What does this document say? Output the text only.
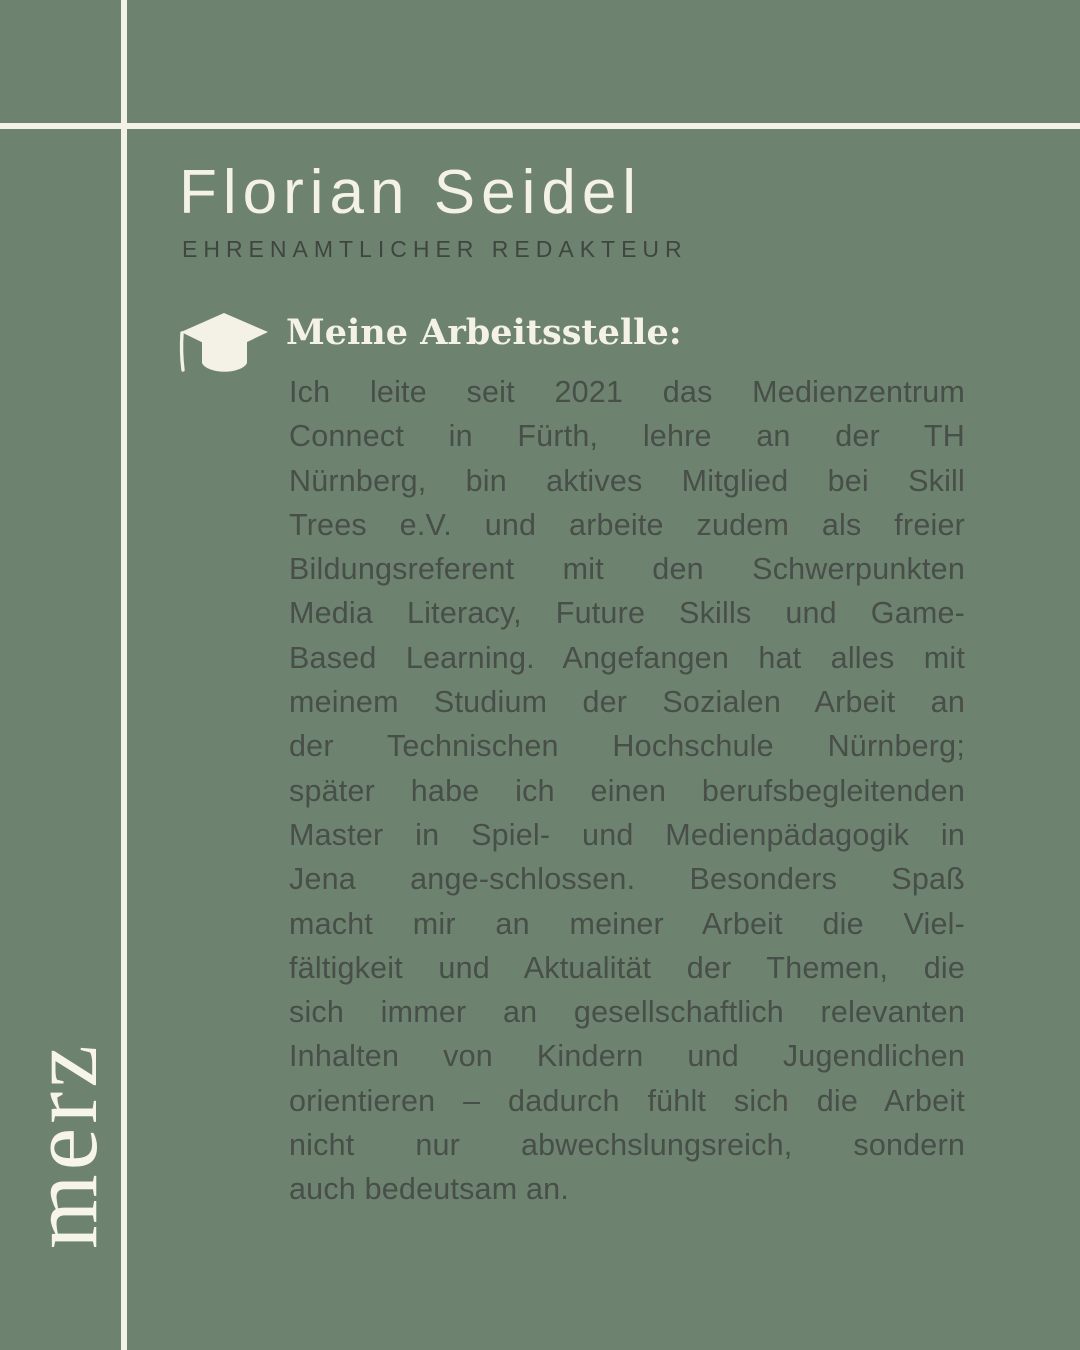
Florian Seidel
EHRENAMTLICHER REDAKTEUR
Meine Arbeitsstelle:
Ich leite seit 2021 das Medienzentrum
Connect in Fürth, lehre an der TH
Nürnberg, bin aktives Mitglied bei Skill
Trees e.V. und arbeite zudem als freier
Bildungsreferent mit den Schwerpunkten
Media Literacy, Future Skills und Game-
Based Learning. Angefangen hat alles mit
meinem Studium der Sozialen Arbeit an
der Technischen Hochschule Nürnberg;
später habe ich einen berufsbegleitenden
Master in Spiel- und Medienpädagogik in
Jena ange-schlossen. Besonders Spaß
macht mir an meiner Arbeit die Viel-
fältigkeit und Aktualität der Themen, die
sich immer an gesellschaftlich relevanten
Inhalten von Kindern und Jugendlichen
orientieren – dadurch fühlt sich die Arbeit
nicht nur abwechslungsreich, sondern
auch bedeutsam an.
merz
